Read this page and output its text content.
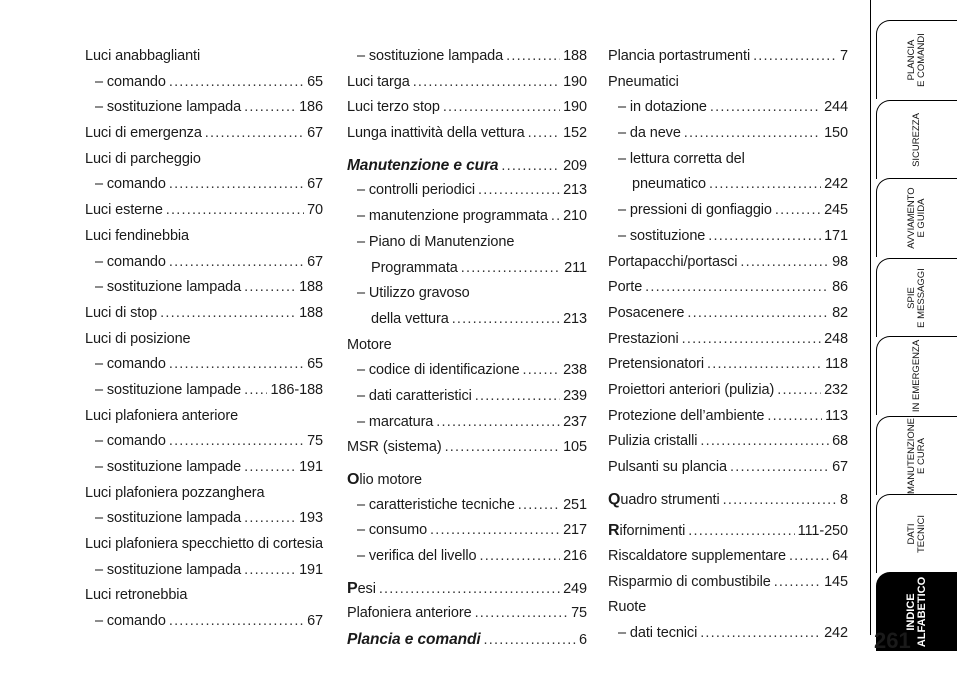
Luci anabbaglianti
– comando .....	65
– sostituzione lampada .....	186
Luci di emergenza .....	67
Luci di parcheggio
– comando .....	67
Luci esterne .....	70
Luci fendinebbia
– comando .....	67
– sostituzione lampada .....	188
Luci di stop .....	188
Luci di posizione
– comando .....	65
– sostituzione lampade ..... 186-188
Luci plafoniera anteriore
– comando .....	75
– sostituzione lampade .....	191
Luci plafoniera pozzanghera
– sostituzione lampada .....	193
Luci plafoniera specchietto di cortesia
– sostituzione lampada .....	191
Luci retronebbia
– comando .....	67
– sostituzione lampada .....	188
Luci targa .....	190
Luci terzo stop .....	190
Lunga inattività della vettura .....	152
Manutenzione e cura .....	209
– controlli periodici .....	213
– manutenzione programmata ..... 210
– Piano di Manutenzione
Programmata .....	211
– Utilizzo gravoso
della vettura .....	213
Motore
– codice di identificazione .....	238
– dati caratteristici .....	239
– marcatura .....	237
MSR (sistema) .....	105
Olio motore
– caratteristiche tecniche .....	251
– consumo .....	217
– verifica del livello .....	216
Pesi .....	249
Plafoniera anteriore .....	75
Plancia e comandi .....	6
Plancia portastrumenti .....	7
Pneumatici
– in dotazione .....	244
– da neve .....	150
– lettura corretta del
pneumatico .....	242
– pressioni di gonfiaggio .....	245
– sostituzione .....	171
Portapacchi/portasci .....	98
Porte .....	86
Posacenere .....	82
Prestazioni .....	248
Pretensionatori .....	118
Proiettori anteriori (pulizia) .....	232
Protezione dell’ambiente .....	113
Pulizia cristalli .....	68
Pulsanti su plancia .....	67
Quadro strumenti .....	8
Rifornimenti .....	111-250
Riscaldatore supplementare .....	64
Risparmio di combustibile .....	145
Ruote
– dati tecnici .....	242
PLANCIA
E COMANDI
SICUREZZA
AVVIAMENTO
E GUIDA
SPIE
E MESSAGGI
IN EMERGENZA
MANUTENZIONE
E CURA
DATI
TECNICI
INDICE
ALFABETICO
261
